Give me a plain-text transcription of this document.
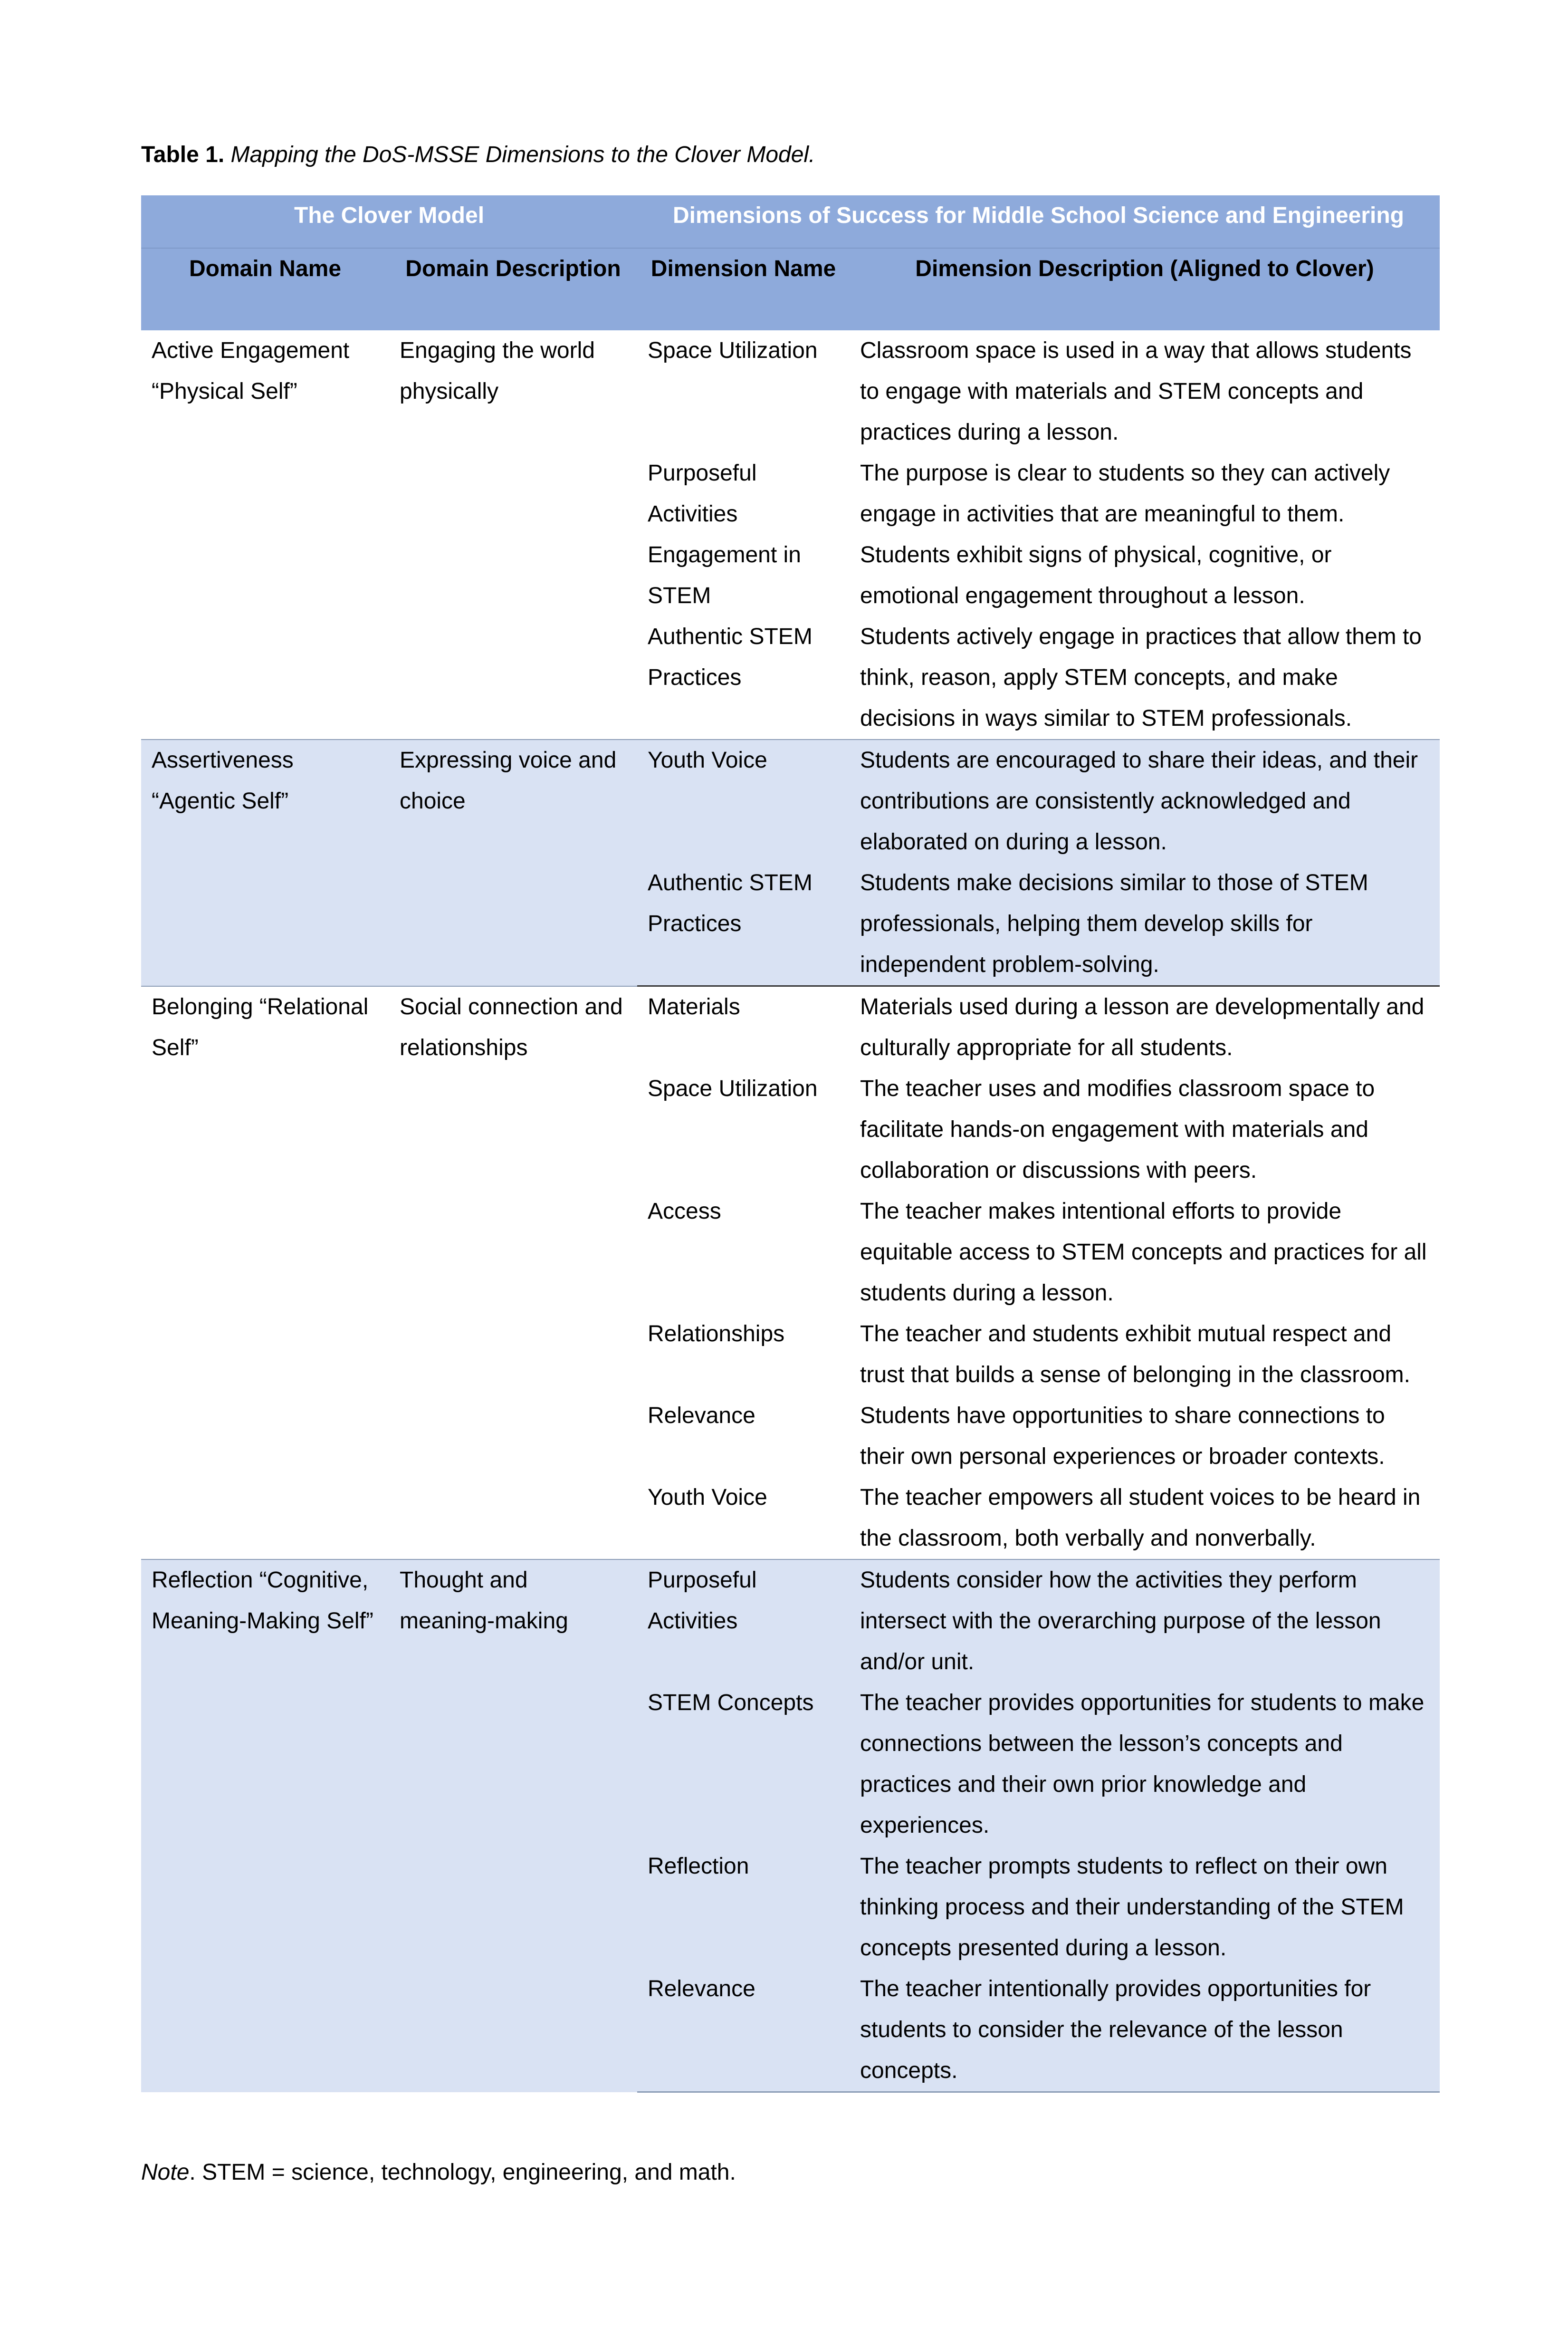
Table 1. Mapping the DoS-MSSE Dimensions to the Clover Model.
The Clover Model		Dimensions of Success for Middle School Science and Engineering	
Domain Name	Domain Description	Dimension Name	Dimension Description (Aligned to Clover)
Active Engagement “Physical Self”	Engaging the world physically	Space Utilization	Classroom space is used in a way that allows students to engage with materials and STEM concepts and practices during a lesson.
		Purposeful Activities	The purpose is clear to students so they can actively engage in activities that are meaningful to them.
		Engagement in STEM	Students exhibit signs of physical, cognitive, or emotional engagement throughout a lesson.
		Authentic STEM Practices	Students actively engage in practices that allow them to think, reason, apply STEM concepts, and make decisions in ways similar to STEM professionals.
Assertiveness “Agentic Self”	Expressing voice and choice	Youth Voice	Students are encouraged to share their ideas, and their contributions are consistently acknowledged and elaborated on during a lesson.
		Authentic STEM Practices	Students make decisions similar to those of STEM professionals, helping them develop skills for independent problem-solving.
Belonging “Relational Self”	Social connection and relationships	Materials	Materials used during a lesson are developmentally and culturally appropriate for all students.
		Space Utilization	The teacher uses and modifies classroom space to facilitate hands-on engagement with materials and collaboration or discussions with peers.
		Access	The teacher makes intentional efforts to provide equitable access to STEM concepts and practices for all students during a lesson.
		Relationships	The teacher and students exhibit mutual respect and trust that builds a sense of belonging in the classroom.
		Relevance	Students have opportunities to share connections to their own personal experiences or broader contexts.
		Youth Voice	The teacher empowers all student voices to be heard in the classroom, both verbally and nonverbally.
Reflection “Cognitive, Meaning-Making Self”	Thought and meaning-making	Purposeful Activities	Students consider how the activities they perform intersect with the overarching purpose of the lesson and/or unit.
		STEM Concepts	The teacher provides opportunities for students to make connections between the lesson’s concepts and practices and their own prior knowledge and experiences.
		Reflection	The teacher prompts students to reflect on their own thinking process and their understanding of the STEM concepts presented during a lesson.
		Relevance	The teacher intentionally provides opportunities for students to consider the relevance of the lesson concepts.
Note. STEM = science, technology, engineering, and math.
